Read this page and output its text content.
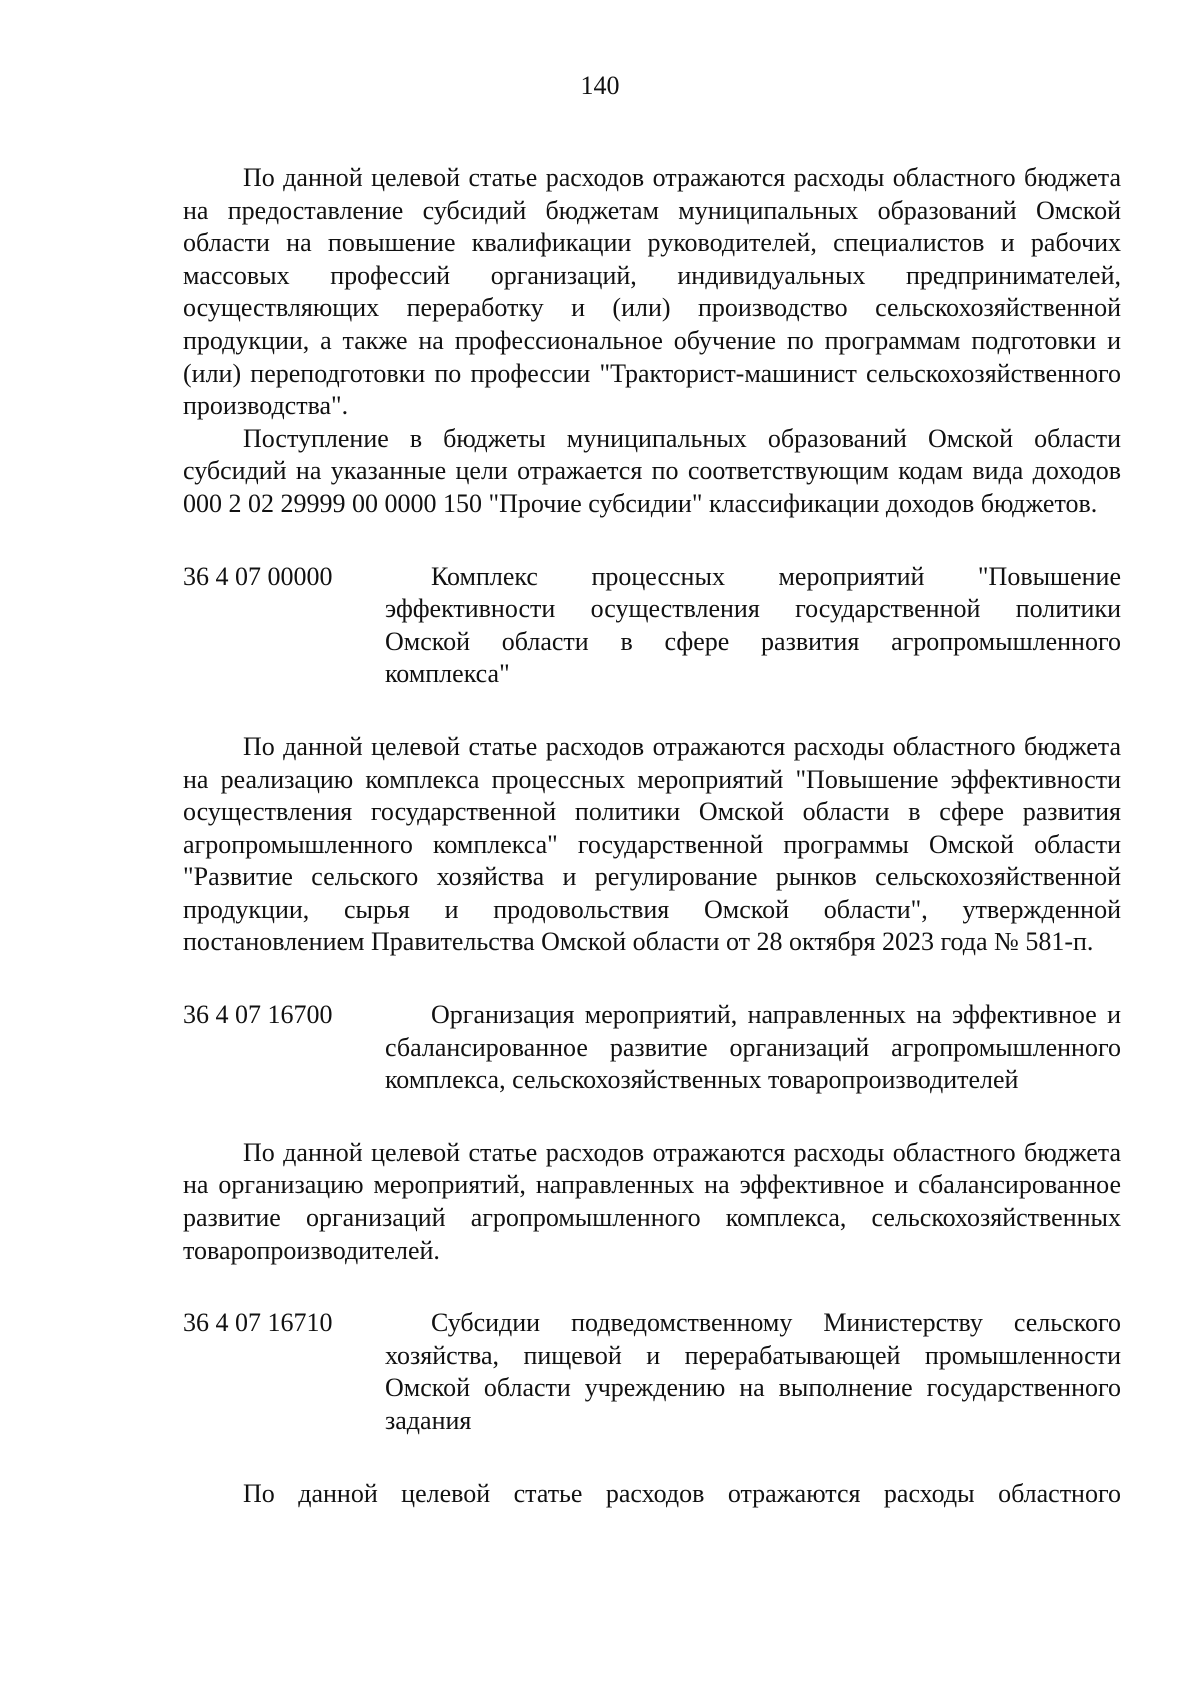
140

По данной целевой статье расходов отражаются расходы областного бюджета на предоставление субсидий бюджетам муниципальных образований Омской области на повышение квалификации руководителей, специалистов и рабочих массовых профессий организаций, индивидуальных предпринимателей, осуществляющих переработку и (или) производство сельскохозяйственной продукции, а также на профессиональное обучение по программам подготовки и (или) переподготовки по профессии "Тракторист-машинист сельскохозяйственного производства".

Поступление в бюджеты муниципальных образований Омской области субсидий на указанные цели отражается по соответствующим кодам вида доходов 000 2 02 29999 00 0000 150 "Прочие субсидии" классификации доходов бюджетов.

36 4 07 00000	Комплекс процессных мероприятий "Повышение эффективности осуществления государственной политики Омской области в сфере развития агропромышленного комплекса"

По данной целевой статье расходов отражаются расходы областного бюджета на реализацию комплекса процессных мероприятий "Повышение эффективности осуществления государственной политики Омской области в сфере развития агропромышленного комплекса" государственной программы Омской области "Развитие сельского хозяйства и регулирование рынков сельскохозяйственной продукции, сырья и продовольствия Омской области", утвержденной постановлением Правительства Омской области от 28 октября 2023 года № 581-п.

36 4 07 16700	Организация мероприятий, направленных на эффективное и сбалансированное развитие организаций агропромышленного комплекса, сельскохозяйственных товаропроизводителей

По данной целевой статье расходов отражаются расходы областного бюджета на организацию мероприятий, направленных на эффективное и сбалансированное развитие организаций агропромышленного комплекса, сельскохозяйственных товаропроизводителей.

36 4 07 16710	Субсидии подведомственному Министерству сельского хозяйства, пищевой и перерабатывающей промышленности Омской области учреждению на выполнение государственного задания

По данной целевой статье расходов отражаются расходы областного
